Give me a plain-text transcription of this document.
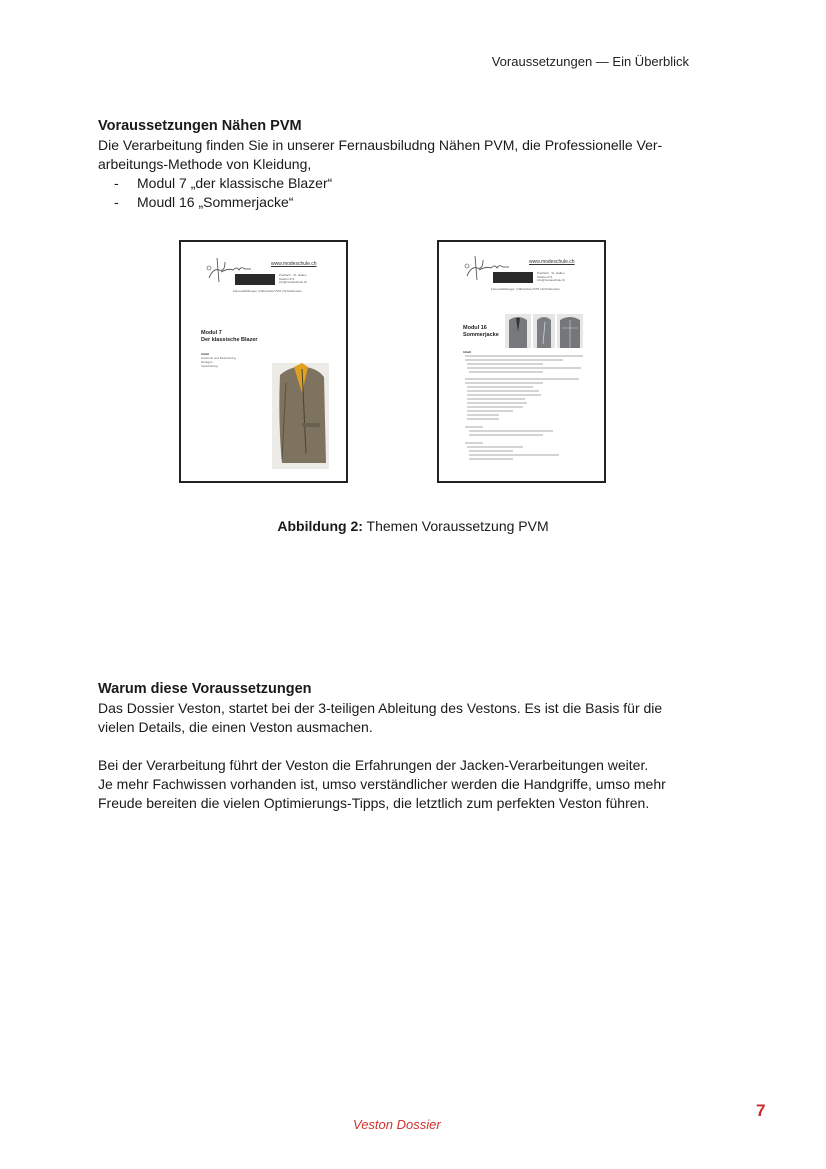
Voraussetzungen — Ein Überblick
Voraussetzungen Nähen PVM

Die Verarbeitung finden Sie in unserer Fernausbiludng Nähen PVM, die Professionelle Ver-

arbeitungs-Methode von Kleidung,

- Modul 7 „der klassische Blazer“
- Moudl 16 „Sommerjacke“
www.modeschule.ch
Postfach · St. Gallen
Telefon 071
info@modeschule.ch
Fernausbildungen | Nähschule PVM | Schnittmuster
Modul 7
Der klassische Blazer
Inhalt
Zuschnitt und Bearbeitung
Einlagen
Verarbeitung
www.modeschule.ch
Postfach · St. Gallen
Telefon 071
info@modeschule.ch
Fernausbildungen | Nähschule PVM | Schnittmuster
Modul 16
Sommerjacke
Inhalt
Abbildung 2: Themen Voraussetzung PVM
Warum diese Voraussetzungen

Das Dossier Veston, startet bei der 3-teiligen Ableitung des Vestons. Es ist die Basis für die

vielen Details, die einen Veston ausmachen.

Bei der Verarbeitung führt der Veston die Erfahrungen der Jacken-Verarbeitungen weiter.

Je mehr Fachwissen vorhanden ist, umso verständlicher werden die Handgriffe, umso mehr

Freude bereiten die vielen Optimierungs-Tipps, die letztlich zum perfekten Veston führen.

Veston Dossier
7
